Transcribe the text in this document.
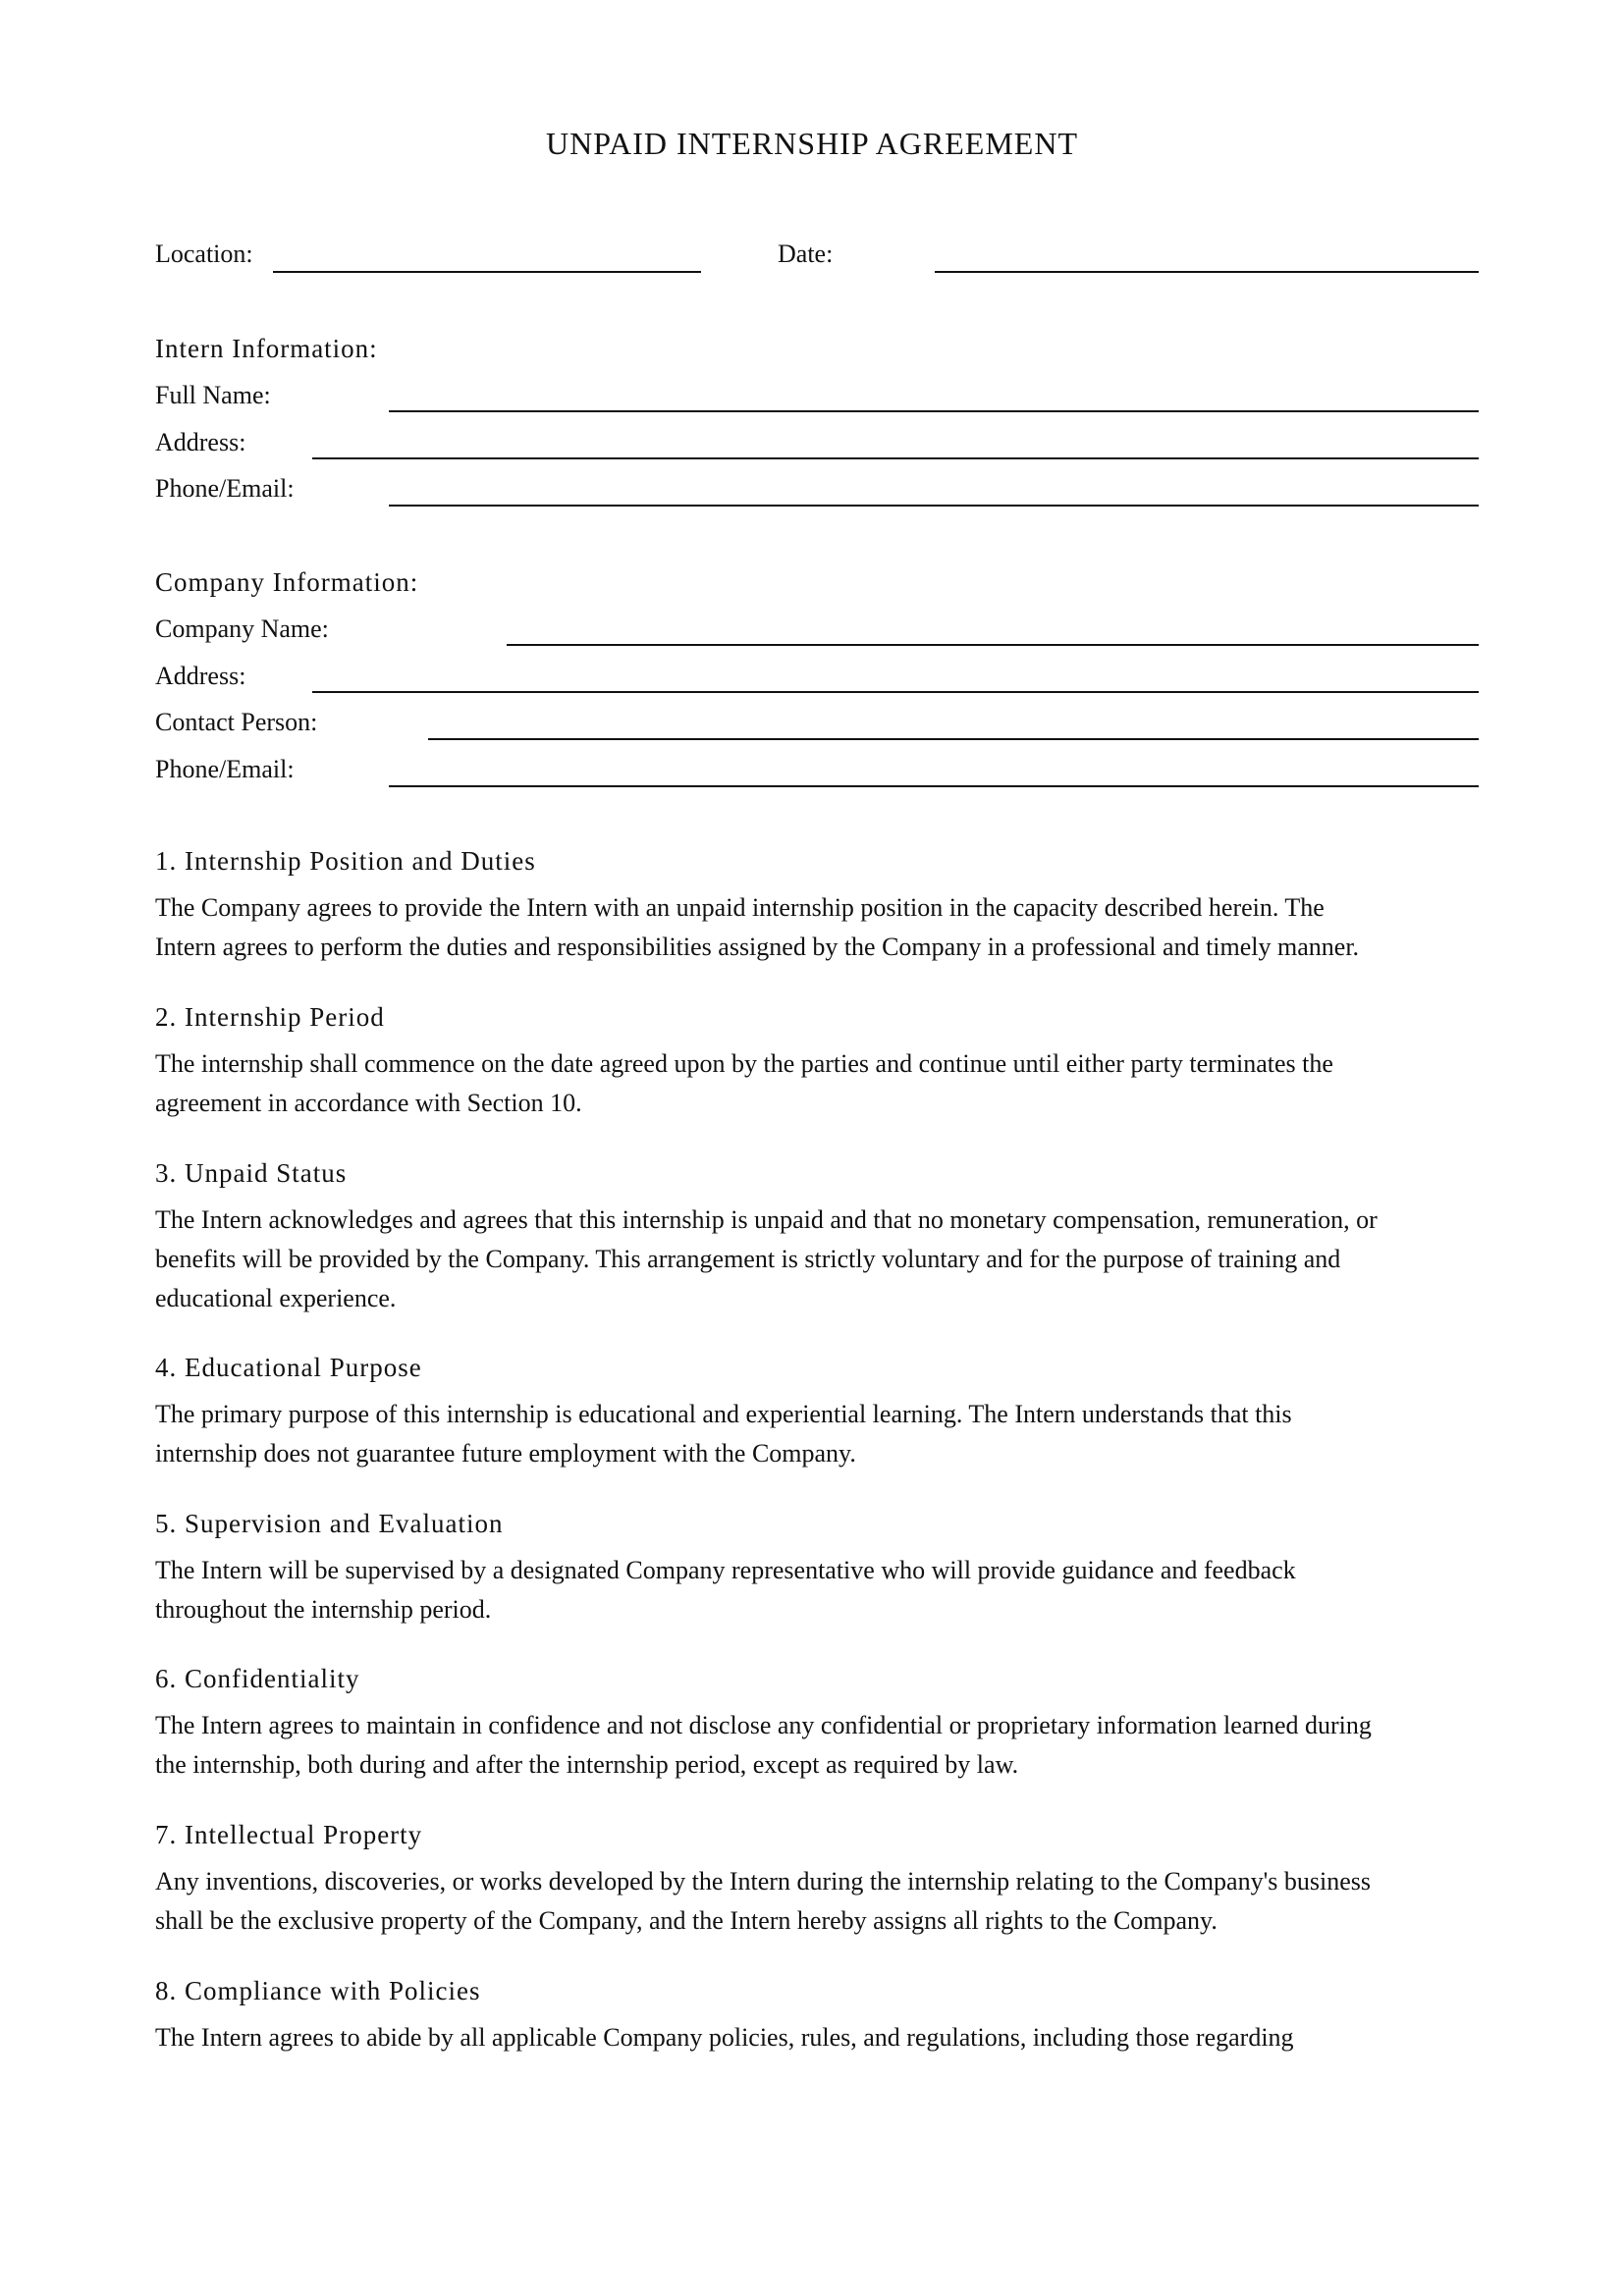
UNPAID INTERNSHIP AGREEMENT
Location:	Date:
Intern Information:
Full Name:
Address:
Phone/Email:
Company Information:
Company Name:
Address:
Contact Person:
Phone/Email:
1. Internship Position and Duties
The Company agrees to provide the Intern with an unpaid internship position in the capacity described herein. The
Intern agrees to perform the duties and responsibilities assigned by the Company in a professional and timely manner.
2. Internship Period
The internship shall commence on the date agreed upon by the parties and continue until either party terminates the
agreement in accordance with Section 10.
3. Unpaid Status
The Intern acknowledges and agrees that this internship is unpaid and that no monetary compensation, remuneration, or
benefits will be provided by the Company. This arrangement is strictly voluntary and for the purpose of training and
educational experience.
4. Educational Purpose
The primary purpose of this internship is educational and experiential learning. The Intern understands that this
internship does not guarantee future employment with the Company.
5. Supervision and Evaluation
The Intern will be supervised by a designated Company representative who will provide guidance and feedback
throughout the internship period.
6. Confidentiality
The Intern agrees to maintain in confidence and not disclose any confidential or proprietary information learned during
the internship, both during and after the internship period, except as required by law.
7. Intellectual Property
Any inventions, discoveries, or works developed by the Intern during the internship relating to the Company's business
shall be the exclusive property of the Company, and the Intern hereby assigns all rights to the Company.
8. Compliance with Policies
The Intern agrees to abide by all applicable Company policies, rules, and regulations, including those regarding
